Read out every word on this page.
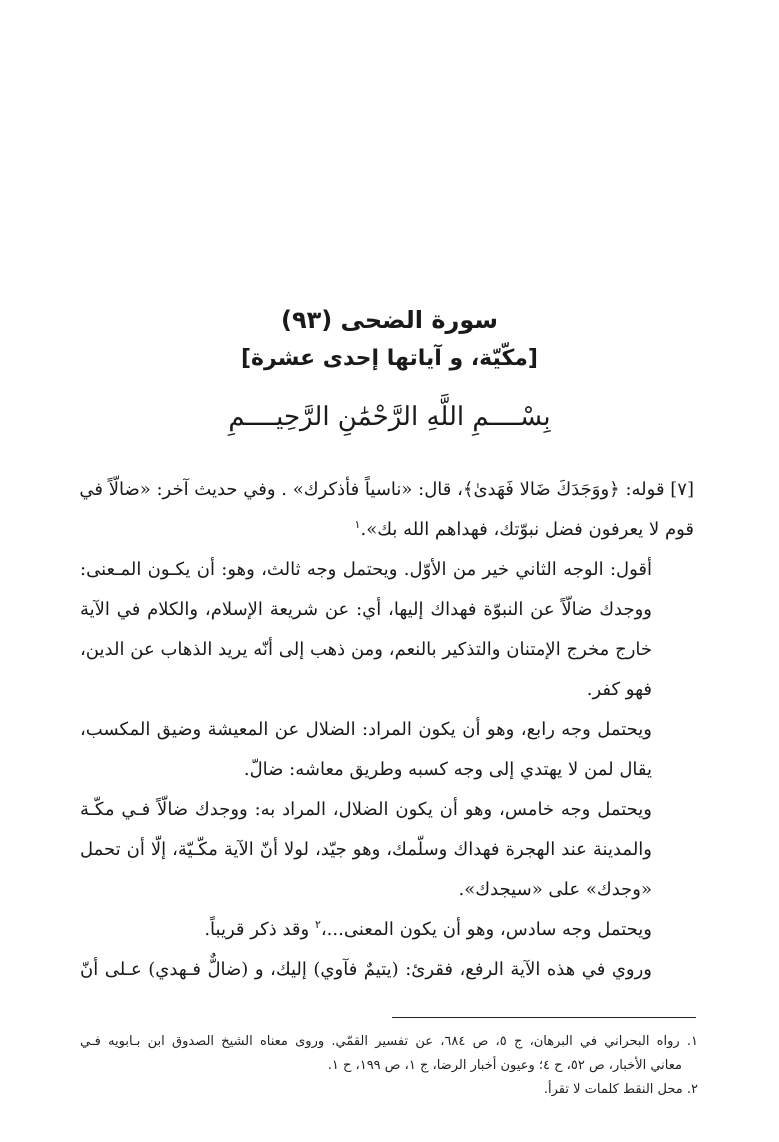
سورة الضحى (٩٣)
[مكّيّة، و آياتها إحدى عشرة]
بِسْــــمِ اللَّهِ الرَّحْمَٰنِ الرَّحِيــــمِ
[٧] قوله: ﴿ووَجَدَكَ ضَالا فَهَدىٰ﴾، قال: «ناسياً فأذكرك» . وفي حديث آخر: «ضالّاً في
قوم لا يعرفون فضل نبوّتك، فهداهم الله بك».$^١$
أقول: الوجه الثاني خير من الأوّل. ويحتمل وجه ثالث، وهو: أن يكـون المـعنى:
ووجدك ضالّاً عن النبوّة فهداك إليها، أي: عن شريعة الإسلام، والكلام في الآية
خارج مخرج الإمتنان والتذكير بالنعم، ومن ذهب إلى أنّه يريد الذهاب عن الدين،
فهو كفر.
ويحتمل وجه رابع، وهو أن يكون المراد: الضلال عن المعيشة وضيق المكسب،
يقال لمن لا يهتدي إلى وجه كسبه وطريق معاشه: ضالّ.
ويحتمل وجه خامس، وهو أن يكون الضلال، المراد به: ووجدك ضالّاً فـي مكّـة
والمدينة عند الهجرة فهداك وسلّمك، وهو جيّد، لولا أنّ الآية مكّـيّة، إلّا أن تحمل
«وجدك» على «سيجدك».
ويحتمل وجه سادس، وهو أن يكون المعنى...،$^٢$ وقد ذكر قريباً.
وروي في هذه الآية الرفع، فقرئ: (يتيمٌ فآوي) إليك، و (ضالٌّ فـهدي) عـلى أنّ
١. رواه البحراني في البرهان، ج ٥، ص ٦٨٤، عن تفسير القمّي. وروى معناه الشيخ الصدوق ابن بـابويه فـي
معاني الأخبار، ص ٥٢، ح ٤؛ وعيون أخبار الرضا، ج ١، ص ١٩٩، ح ١.
٢. محل النقط كلمات لا تقرأ.
